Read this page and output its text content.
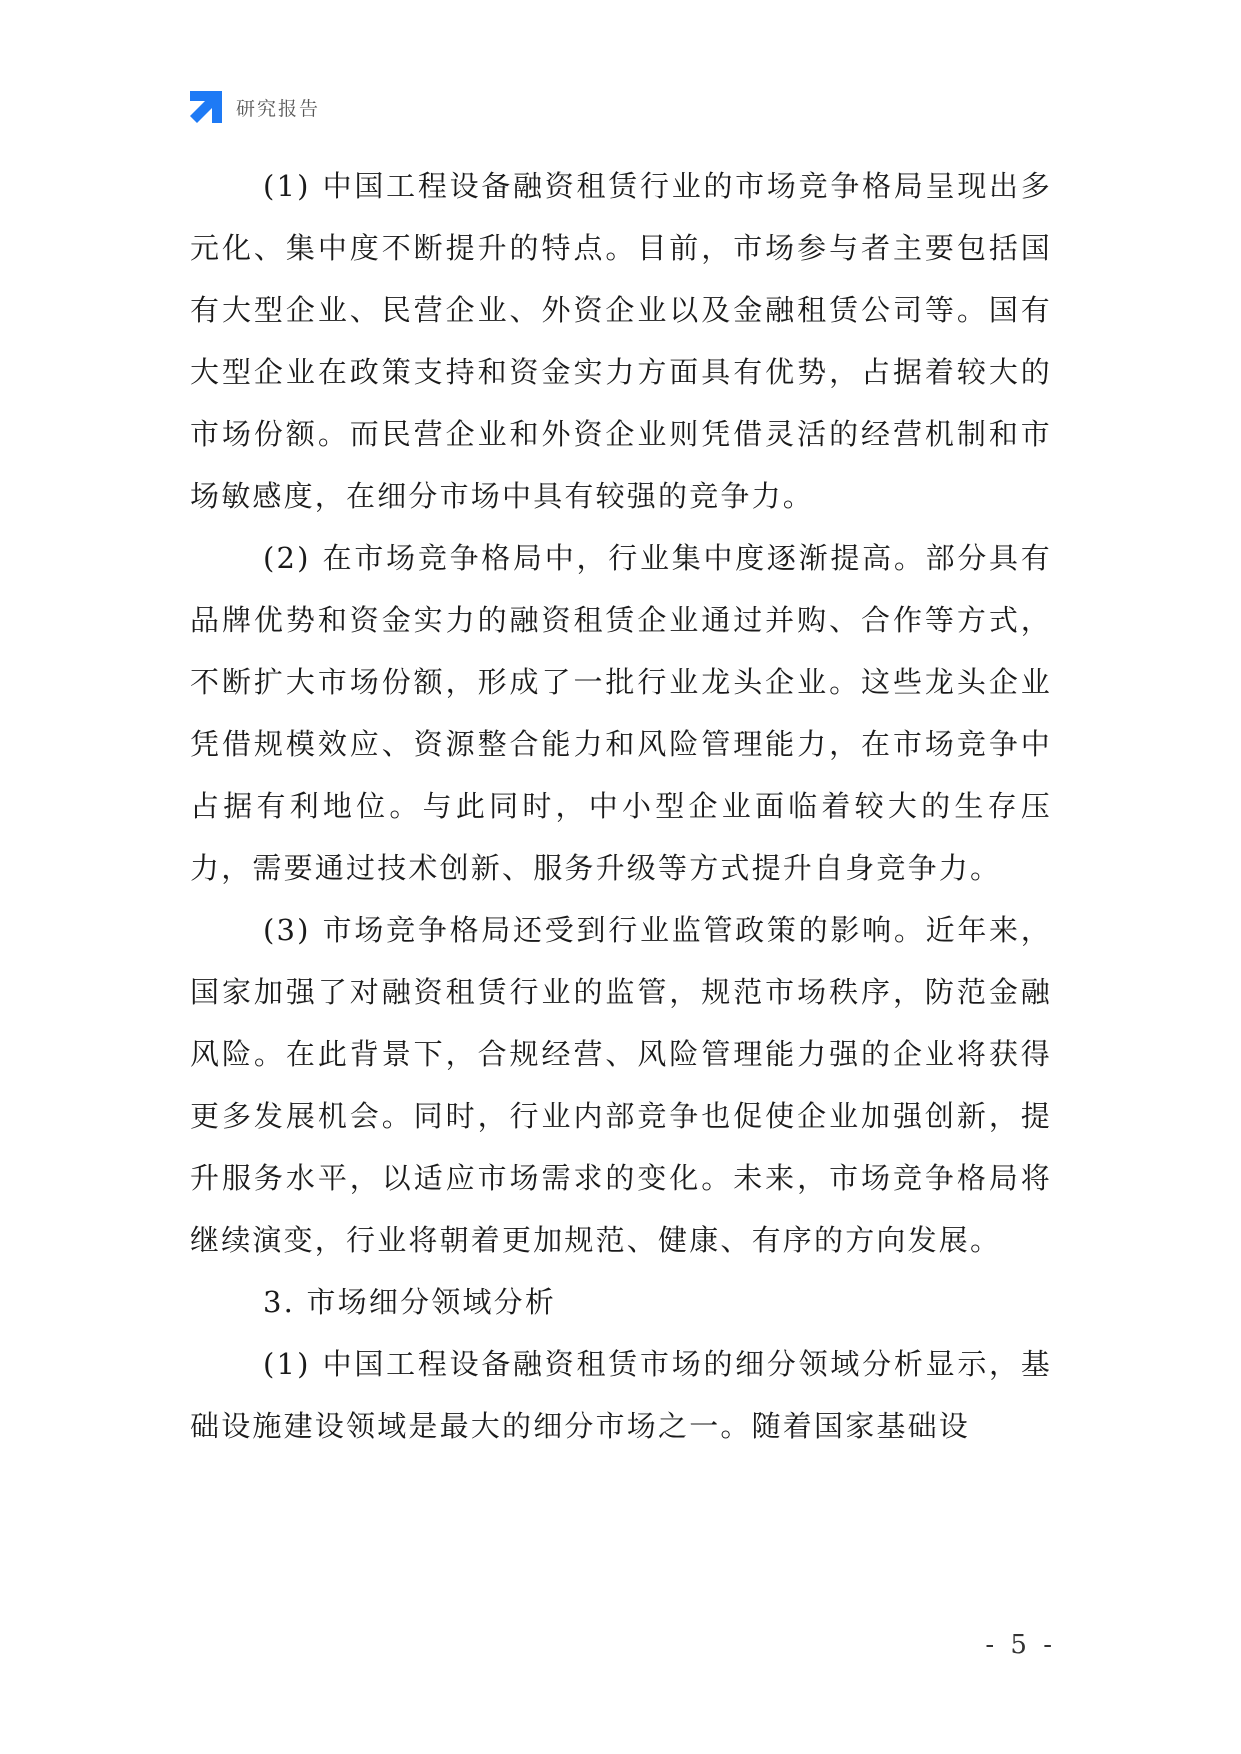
研究报告

(1) 中国工程设备融资租赁行业的市场竞争格局呈现出多元化、集中度不断提升的特点。目前，市场参与者主要包括国有大型企业、民营企业、外资企业以及金融租赁公司等。国有大型企业在政策支持和资金实力方面具有优势，占据着较大的市场份额。而民营企业和外资企业则凭借灵活的经营机制和市场敏感度，在细分市场中具有较强的竞争力。

(2) 在市场竞争格局中，行业集中度逐渐提高。部分具有品牌优势和资金实力的融资租赁企业通过并购、合作等方式，不断扩大市场份额，形成了一批行业龙头企业。这些龙头企业凭借规模效应、资源整合能力和风险管理能力，在市场竞争中占据有利地位。与此同时，中小型企业面临着较大的生存压力，需要通过技术创新、服务升级等方式提升自身竞争力。

(3) 市场竞争格局还受到行业监管政策的影响。近年来，国家加强了对融资租赁行业的监管，规范市场秩序，防范金融风险。在此背景下，合规经营、风险管理能力强的企业将获得更多发展机会。同时，行业内部竞争也促使企业加强创新，提升服务水平，以适应市场需求的变化。未来，市场竞争格局将继续演变，行业将朝着更加规范、健康、有序的方向发展。

3. 市场细分领域分析

(1) 中国工程设备融资租赁市场的细分领域分析显示，基础设施建设领域是最大的细分市场之一。随着国家基础设

- 5 -
